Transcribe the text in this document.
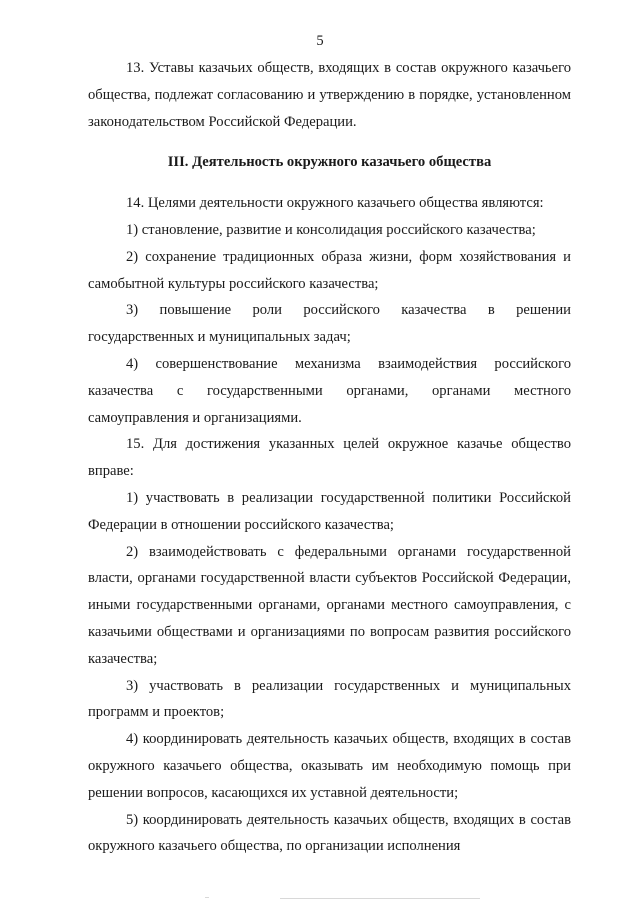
5

13. Уставы казачьих обществ, входящих в состав окружного казачьего общества, подлежат согласованию и утверждению в порядке, установленном законодательством Российской Федерации.

III. Деятельность окружного казачьего общества

14. Целями деятельности окружного казачьего общества являются:

1) становление, развитие и консолидация российского казачества;

2) сохранение традиционных образа жизни, форм хозяйствования и самобытной культуры российского казачества;

3) повышение роли российского казачества в решении государственных и муниципальных задач;

4) совершенствование механизма взаимодействия российского казачества с государственными органами, органами местного самоуправления и организациями.

15. Для достижения указанных целей окружное казачье общество вправе:

1) участвовать в реализации государственной политики Российской Федерации в отношении российского казачества;

2) взаимодействовать с федеральными органами государственной власти, органами государственной власти субъектов Российской Федерации, иными государственными органами, органами местного самоуправления, с казачьими обществами и организациями по вопросам развития российского казачества;

3) участвовать в реализации государственных и муниципальных программ и проектов;

4) координировать деятельность казачьих обществ, входящих в состав окружного казачьего общества, оказывать им необходимую помощь при решении вопросов, касающихся их уставной деятельности;

5) координировать деятельность казачьих обществ, входящих в состав окружного казачьего общества, по организации исполнения
